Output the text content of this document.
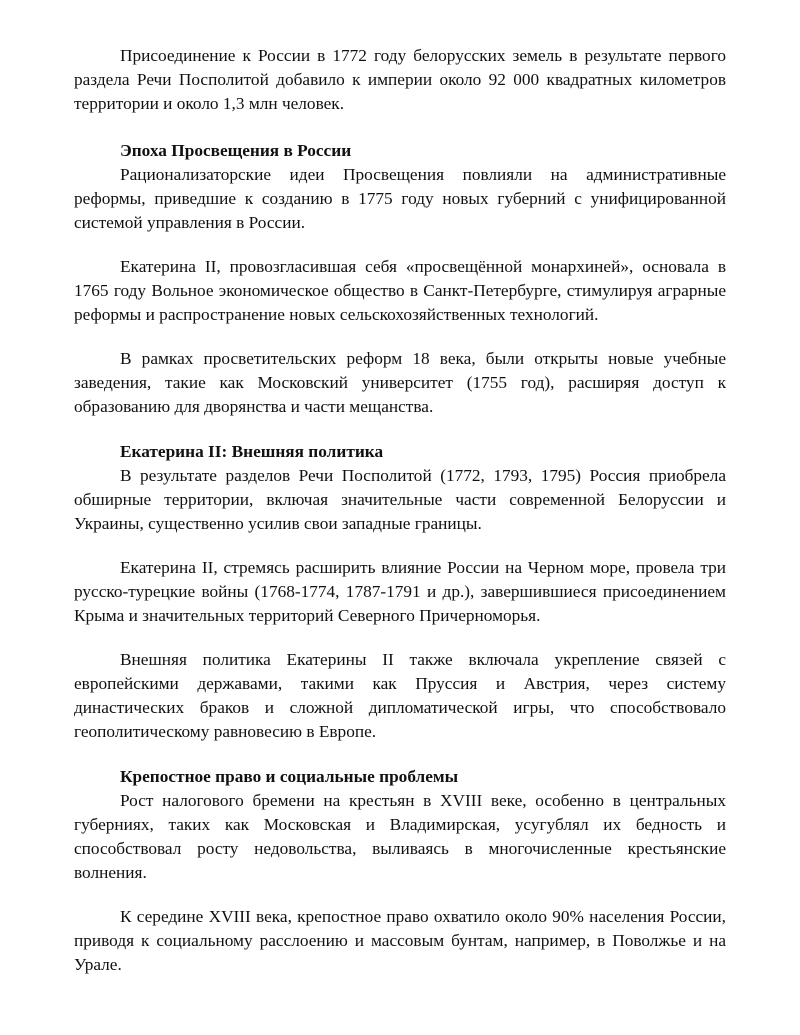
Присоединение к России в 1772 году белорусских земель в результате первого раздела Речи Посполитой добавило к империи около 92 000 квадратных километров территории и около 1,3 млн человек.

Эпоха Просвещения в России

Рационализаторские идеи Просвещения повлияли на административные реформы, приведшие к созданию в 1775 году новых губерний с унифицированной системой управления в России.

Екатерина II, провозгласившая себя «просвещённой монархиней», основала в 1765 году Вольное экономическое общество в Санкт-Петербурге, стимулируя аграрные реформы и распространение новых сельскохозяйственных технологий.

В рамках просветительских реформ 18 века, были открыты новые учебные заведения, такие как Московский университет (1755 год), расширяя доступ к образованию для дворянства и части мещанства.

Екатерина II: Внешняя политика

В результате разделов Речи Посполитой (1772, 1793, 1795) Россия приобрела обширные территории, включая значительные части современной Белоруссии и Украины, существенно усилив свои западные границы.

Екатерина II, стремясь расширить влияние России на Черном море, провела три русско-турецкие войны (1768-1774, 1787-1791 и др.), завершившиеся присоединением Крыма и значительных территорий Северного Причерноморья.

Внешняя политика Екатерины II также включала укрепление связей с европейскими державами, такими как Пруссия и Австрия, через систему династических браков и сложной дипломатической игры, что способствовало геополитическому равновесию в Европе.

Крепостное право и социальные проблемы

Рост налогового бремени на крестьян в XVIII веке, особенно в центральных губерниях, таких как Московская и Владимирская, усугублял их бедность и способствовал росту недовольства, выливаясь в многочисленные крестьянские волнения.

К середине XVIII века, крепостное право охватило около 90% населения России, приводя к социальному расслоению и массовым бунтам, например, в Поволжье и на Урале.
